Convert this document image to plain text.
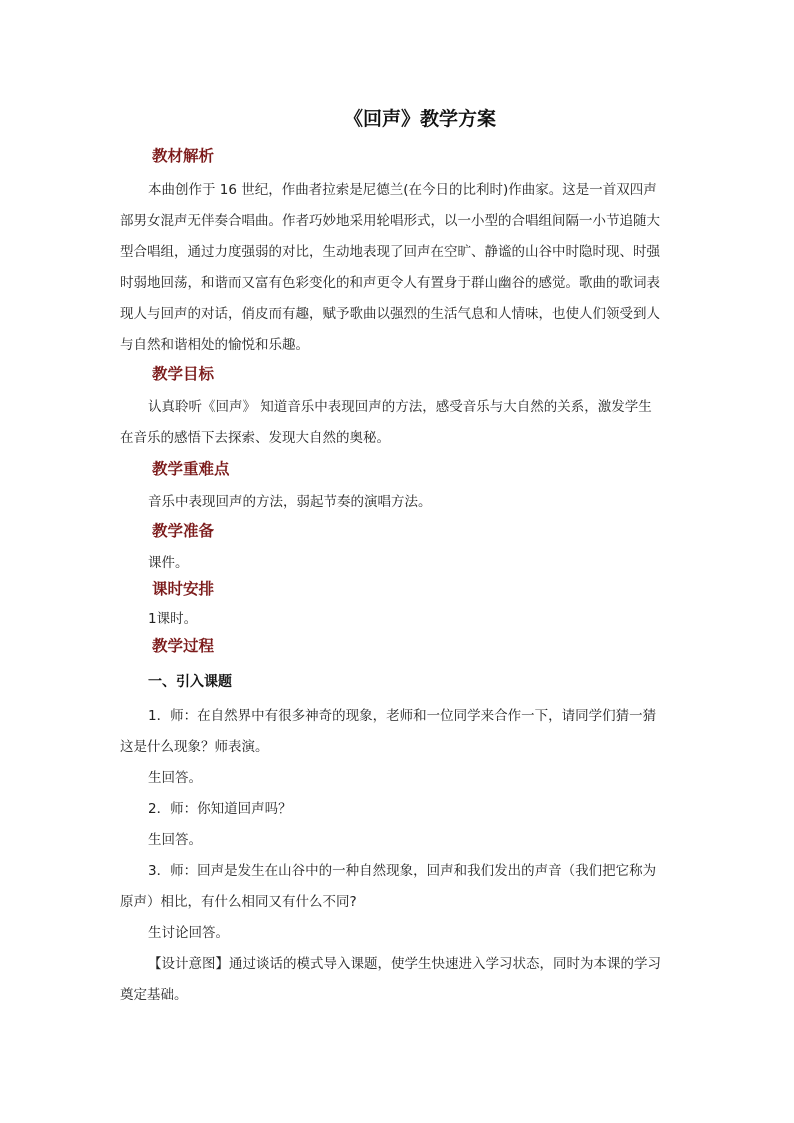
《回声》教学方案
教材解析
本曲创作于 16 世纪，作曲者拉索是尼德兰(在今日的比利时)作曲家。这是一首双四声
部男女混声无伴奏合唱曲。作者巧妙地采用轮唱形式，以一小型的合唱组间隔一小节追随大
型合唱组，通过力度强弱的对比，生动地表现了回声在空旷、静谧的山谷中时隐时现、时强
时弱地回荡，和谐而又富有色彩变化的和声更令人有置身于群山幽谷的感觉。歌曲的歌词表
现人与回声的对话，俏皮而有趣，赋予歌曲以强烈的生活气息和人情味，也使人们领受到人
与自然和谐相处的愉悦和乐趣。
教学目标
认真聆听《回声》 知道音乐中表现回声的方法，感受音乐与大自然的关系，激发学生
在音乐的感悟下去探索、发现大自然的奥秘。
教学重难点
音乐中表现回声的方法，弱起节奏的演唱方法。
教学准备
课件。
课时安排
1课时。
教学过程
一、引入课题
1．师：在自然界中有很多神奇的现象，老师和一位同学来合作一下，请同学们猜一猜
这是什么现象？师表演。
生回答。
2．师：你知道回声吗？
生回答。
3．师：回声是发生在山谷中的一种自然现象，回声和我们发出的声音（我们把它称为
原声）相比，有什么相同又有什么不同?
生讨论回答。
【设计意图】通过谈话的模式导入课题，使学生快速进入学习状态，同时为本课的学习
奠定基础。
